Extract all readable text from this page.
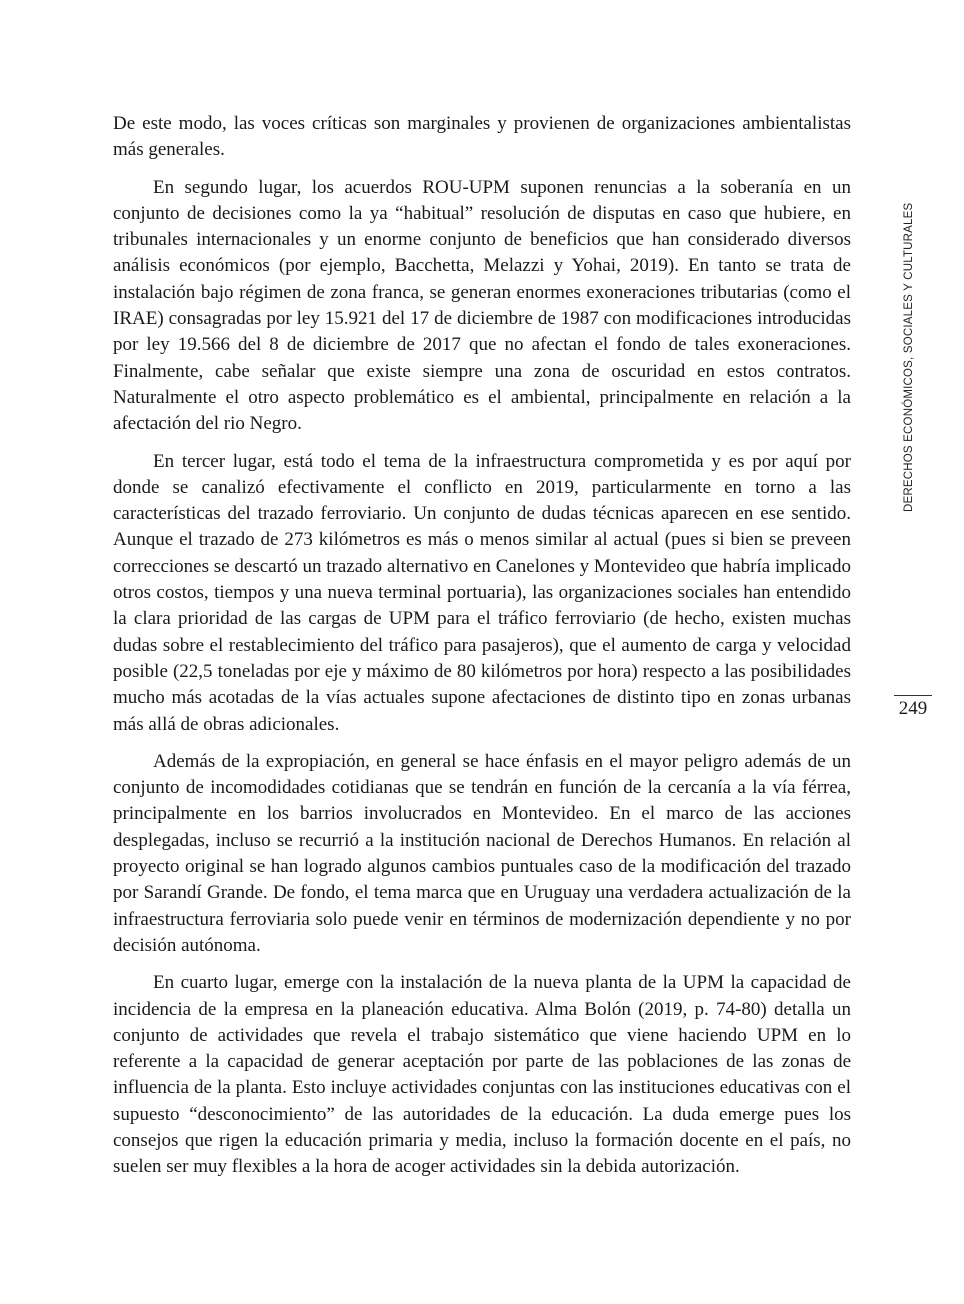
De este modo, las voces críticas son marginales y provienen de organizaciones ambientalistas más generales.

En segundo lugar, los acuerdos ROU-UPM suponen renuncias a la soberanía en un conjunto de decisiones como la ya “habitual” resolución de disputas en caso que hubiere, en tribunales internacionales y un enorme conjunto de beneficios que han considerado diversos análisis económicos (por ejemplo, Bacchetta, Melazzi y Yohai, 2019). En tanto se trata de instalación bajo régimen de zona franca, se generan enormes exoneraciones tributarias (como el IRAE) consagradas por ley 15.921 del 17 de diciembre de 1987 con modificaciones introducidas por ley 19.566 del 8 de diciembre de 2017 que no afectan el fondo de tales exoneraciones. Finalmente, cabe señalar que existe siempre una zona de oscuridad en estos contratos. Naturalmente el otro aspecto problemático es el ambiental, principalmente en relación a la afectación del rio Negro.

En tercer lugar, está todo el tema de la infraestructura comprometida y es por aquí por donde se canalizó efectivamente el conflicto en 2019, particularmente en torno a las características del trazado ferroviario. Un conjunto de dudas técnicas aparecen en ese sentido. Aunque el trazado de 273 kilómetros es más o menos similar al actual (pues si bien se preveen correcciones se descartó un trazado alternativo en Canelones y Montevideo que habría implicado otros costos, tiempos y una nueva terminal portuaria), las organizaciones sociales han entendido la clara prioridad de las cargas de UPM para el tráfico ferroviario (de hecho, existen muchas dudas sobre el restablecimiento del tráfico para pasajeros), que el aumento de carga y velocidad posible (22,5 toneladas por eje y máximo de 80 kilómetros por hora) respecto a las posibilidades mucho más acotadas de la vías actuales supone afectaciones de distinto tipo en zonas urbanas más allá de obras adicionales.

Además de la expropiación, en general se hace énfasis en el mayor peligro además de un conjunto de incomodidades cotidianas que se tendrán en función de la cercanía a la vía férrea, principalmente en los barrios involucrados en Montevideo. En el marco de las acciones desplegadas, incluso se recurrió a la institución nacional de Derechos Humanos. En relación al proyecto original se han logrado algunos cambios puntuales caso de la modificación del trazado por Sarandí Grande. De fondo, el tema marca que en Uruguay una verdadera actualización de la infraestructura ferroviaria solo puede venir en términos de modernización dependiente y no por decisión autónoma.

En cuarto lugar, emerge con la instalación de la nueva planta de la UPM la capacidad de incidencia de la empresa en la planeación educativa. Alma Bolón (2019, p. 74-80) detalla un conjunto de actividades que revela el trabajo sistemático que viene haciendo UPM en lo referente a la capacidad de generar aceptación por parte de las poblaciones de las zonas de influencia de la planta. Esto incluye actividades conjuntas con las instituciones educativas con el supuesto “desconocimiento” de las autoridades de la educación. La duda emerge pues los consejos que rigen la educación primaria y media, incluso la formación docente en el país, no suelen ser muy flexibles a la hora de acoger actividades sin la debida autorización.

DERECHOS ECONÓMICOS, SOCIALES Y CULTURALES
249
